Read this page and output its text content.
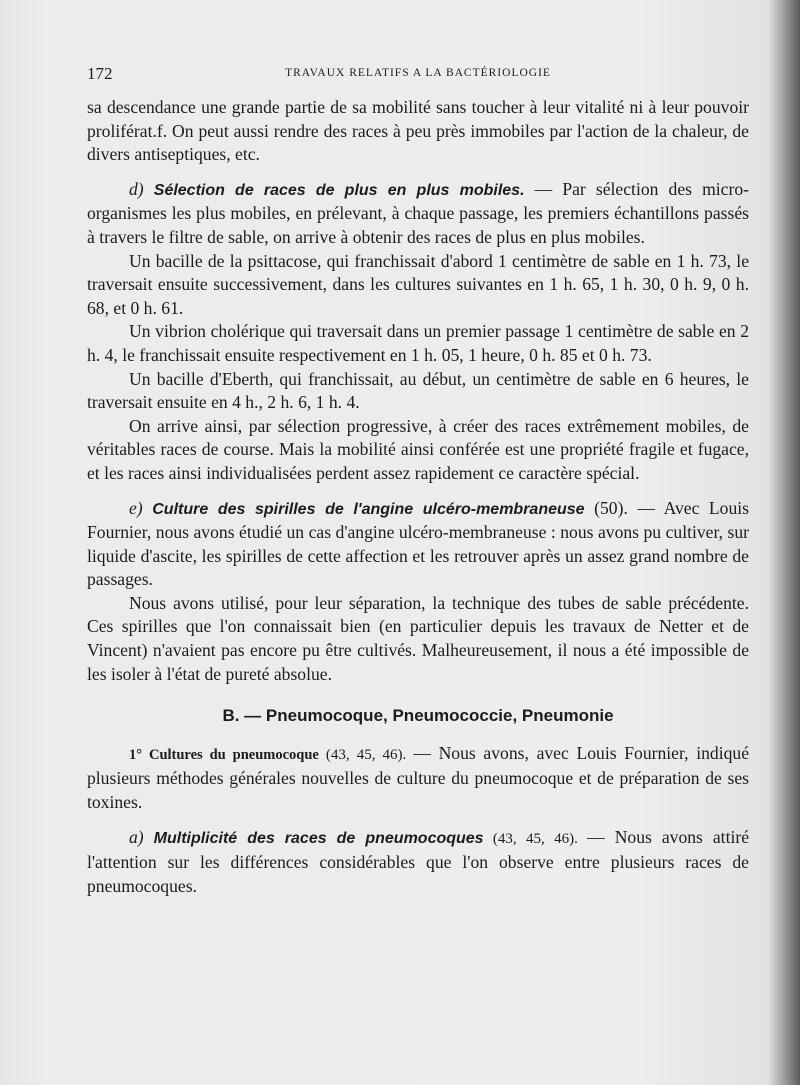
172	TRAVAUX RELATIFS A LA BACTÉRIOLOGIE

sa descendance une grande partie de sa mobilité sans toucher à leur vitalité ni à leur pouvoir proliférat.f. On peut aussi rendre des races à peu près immobiles par l'action de la chaleur, de divers antiseptiques, etc.

d) Sélection de races de plus en plus mobiles. — Par sélection des micro-organismes les plus mobiles, en prélevant, à chaque passage, les premiers échantillons passés à travers le filtre de sable, on arrive à obtenir des races de plus en plus mobiles.

Un bacille de la psittacose, qui franchissait d'abord 1 centimètre de sable en 1 h. 73, le traversait ensuite successivement, dans les cultures suivantes en 1 h. 65, 1 h. 30, 0 h. 9, 0 h. 68, et 0 h. 61.

Un vibrion cholérique qui traversait dans un premier passage 1 centimètre de sable en 2 h. 4, le franchissait ensuite respectivement en 1 h. 05, 1 heure, 0 h. 85 et 0 h. 73.

Un bacille d'Eberth, qui franchissait, au début, un centimètre de sable en 6 heures, le traversait ensuite en 4 h., 2 h. 6, 1 h. 4.

On arrive ainsi, par sélection progressive, à créer des races extrêmement mobiles, de véritables races de course. Mais la mobilité ainsi conférée est une propriété fragile et fugace, et les races ainsi individualisées perdent assez rapidement ce caractère spécial.

e) Culture des spirilles de l'angine ulcéro-membraneuse (50). — Avec Louis Fournier, nous avons étudié un cas d'angine ulcéro-membraneuse : nous avons pu cultiver, sur liquide d'ascite, les spirilles de cette affection et les retrouver après un assez grand nombre de passages.

Nous avons utilisé, pour leur séparation, la technique des tubes de sable précédente. Ces spirilles que l'on connaissait bien (en particulier depuis les travaux de Netter et de Vincent) n'avaient pas encore pu être cultivés. Malheureusement, il nous a été impossible de les isoler à l'état de pureté absolue.

B. — Pneumocoque, Pneumococcie, Pneumonie

1° Cultures du pneumocoque (43, 45, 46). — Nous avons, avec Louis Fournier, indiqué plusieurs méthodes générales nouvelles de culture du pneumocoque et de préparation de ses toxines.

a) Multiplicité des races de pneumocoques (43, 45, 46). — Nous avons attiré l'attention sur les différences considérables que l'on observe entre plusieurs races de pneumocoques.
